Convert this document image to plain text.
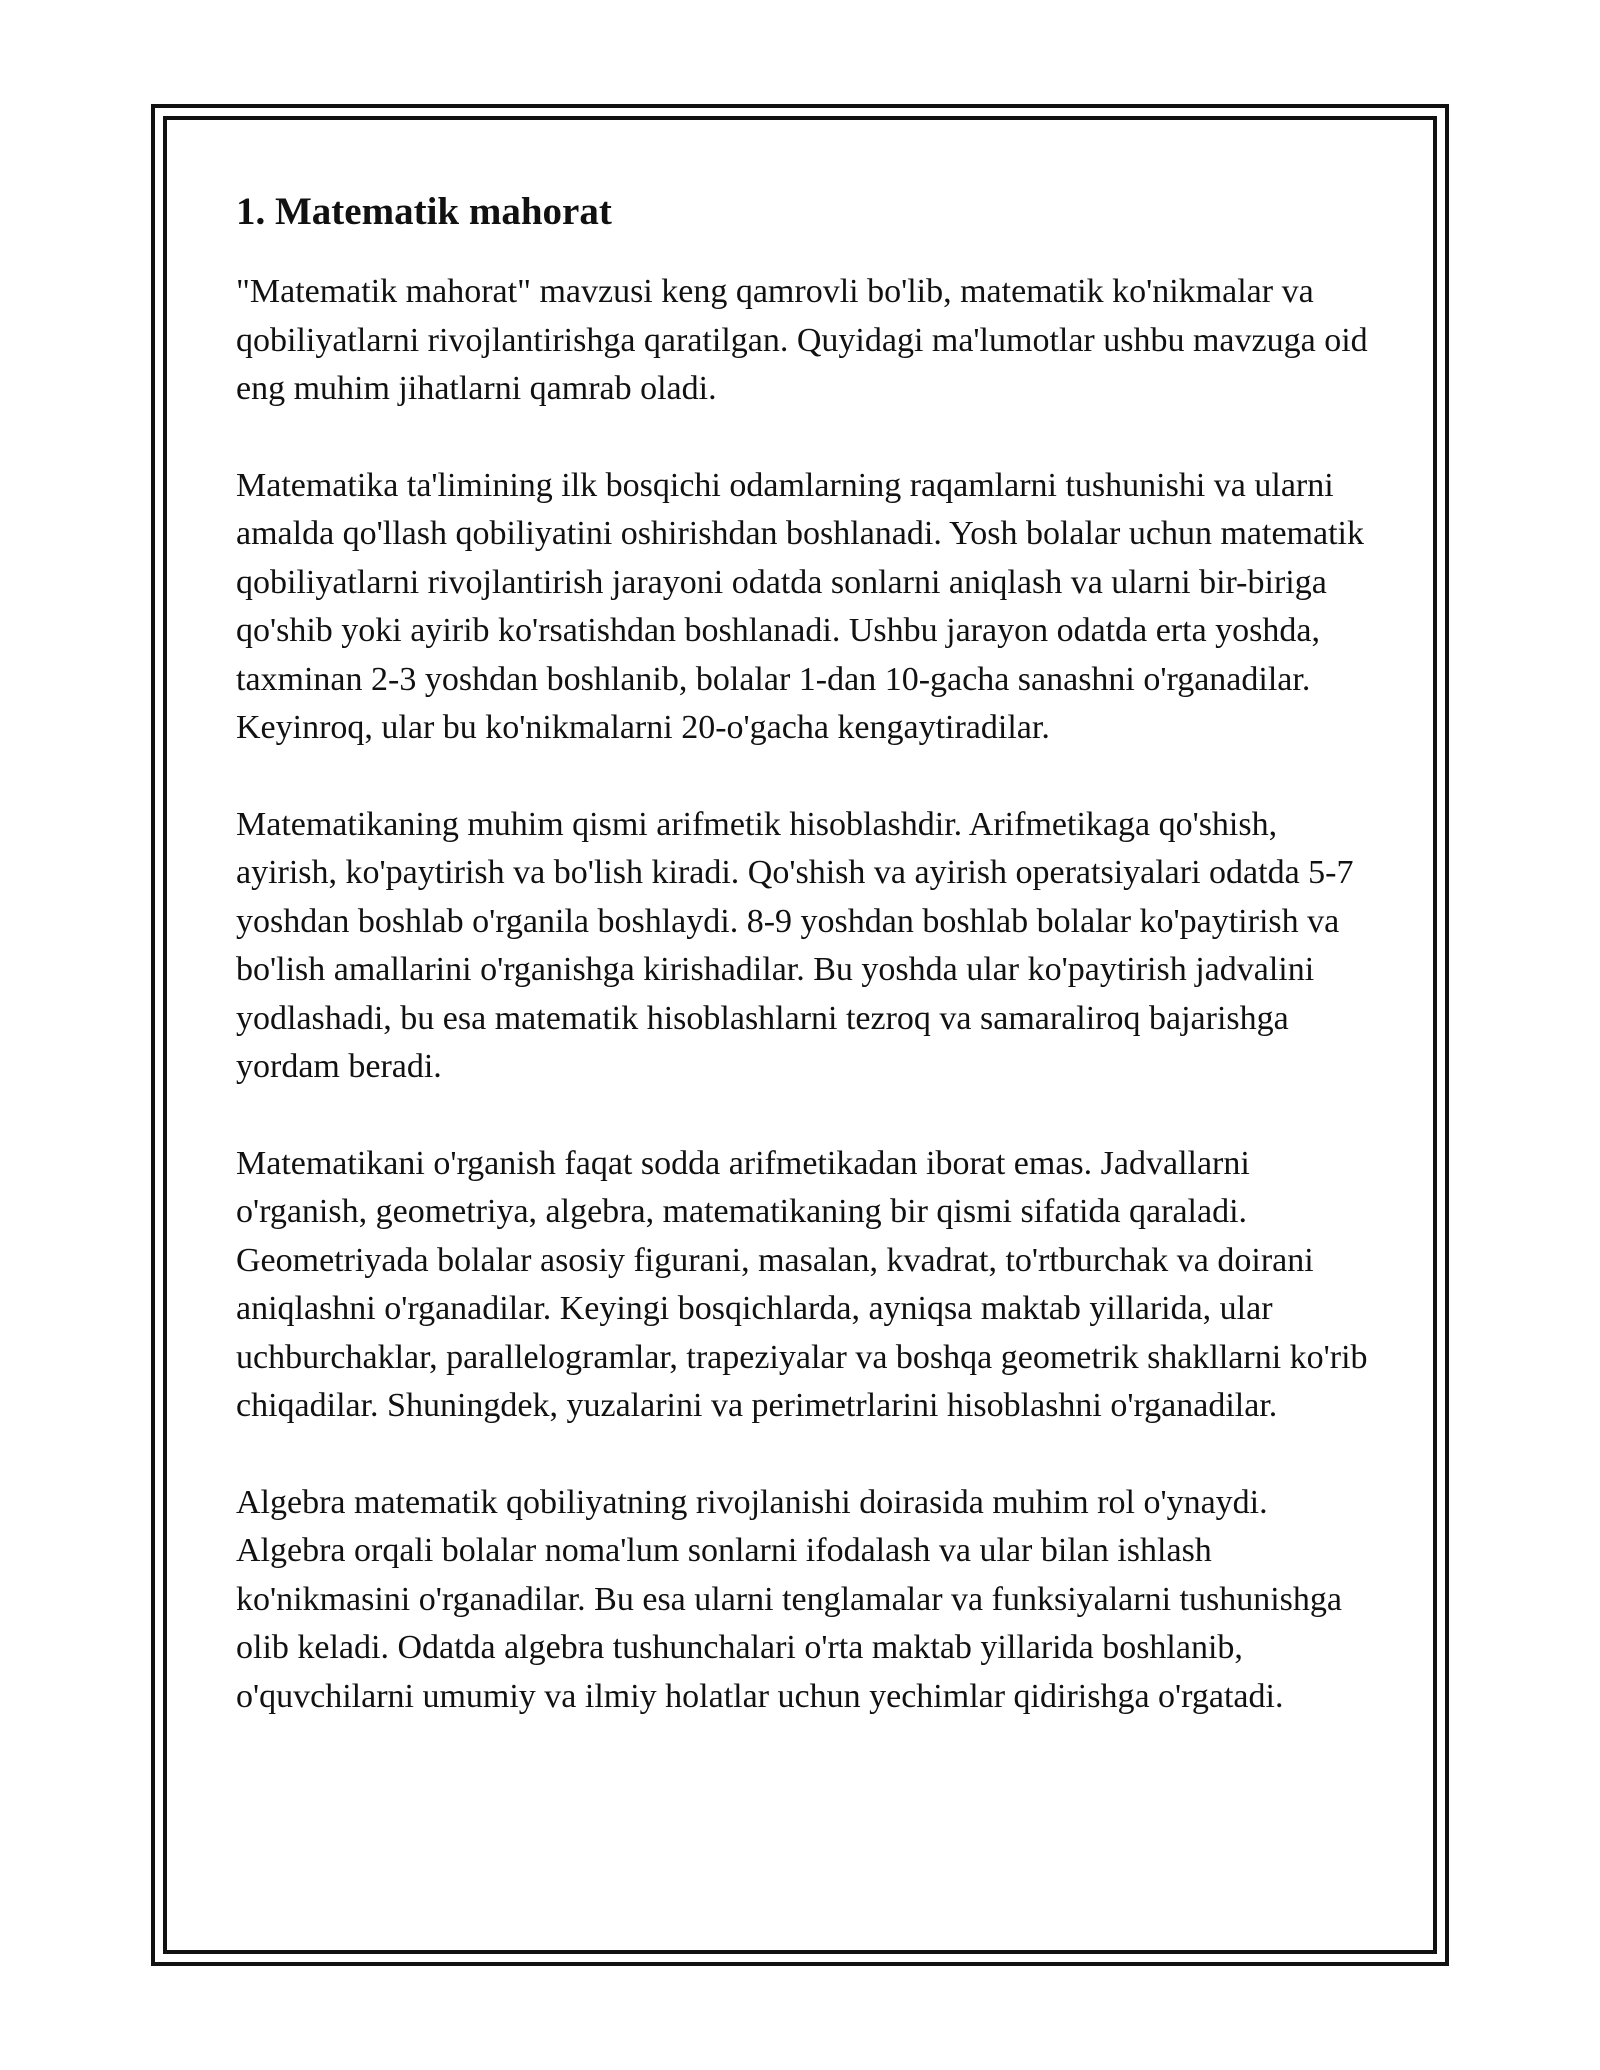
1. Matematik mahorat

"Matematik mahorat" mavzusi keng qamrovli bo'lib, matematik ko'nikmalar va qobiliyatlarni rivojlantirishga qaratilgan. Quyidagi ma'lumotlar ushbu mavzuga oid eng muhim jihatlarni qamrab oladi.

Matematika ta'limining ilk bosqichi odamlarning raqamlarni tushunishi va ularni amalda qo'llash qobiliyatini oshirishdan boshlanadi. Yosh bolalar uchun matematik qobiliyatlarni rivojlantirish jarayoni odatda sonlarni aniqlash va ularni bir-biriga qo'shib yoki ayirib ko'rsatishdan boshlanadi. Ushbu jarayon odatda erta yoshda, taxminan 2-3 yoshdan boshlanib, bolalar 1-dan 10-gacha sanashni o'rganadilar. Keyinroq, ular bu ko'nikmalarni 20-o'gacha kengaytiradilar.

Matematikaning muhim qismi arifmetik hisoblashdir. Arifmetikaga qo'shish, ayirish, ko'paytirish va bo'lish kiradi. Qo'shish va ayirish operatsiyalari odatda 5-7 yoshdan boshlab o'rganila boshlaydi. 8-9 yoshdan boshlab bolalar ko'paytirish va bo'lish amallarini o'rganishga kirishadilar. Bu yoshda ular ko'paytirish jadvalini yodlashadi, bu esa matematik hisoblashlarni tezroq va samaraliroq bajarishga yordam beradi.

Matematikani o'rganish faqat sodda arifmetikadan iborat emas. Jadvallarni o'rganish, geometriya, algebra, matematikaning bir qismi sifatida qaraladi. Geometriyada bolalar asosiy figurani, masalan, kvadrat, to'rtburchak va doirani aniqlashni o'rganadilar. Keyingi bosqichlarda, ayniqsa maktab yillarida, ular uchburchaklar, parallelogramlar, trapeziyalar va boshqa geometrik shakllarni ko'rib chiqadilar. Shuningdek, yuzalarini va perimetrlarini hisoblashni o'rganadilar.

Algebra matematik qobiliyatning rivojlanishi doirasida muhim rol o'ynaydi. Algebra orqali bolalar noma'lum sonlarni ifodalash va ular bilan ishlash ko'nikmasini o'rganadilar. Bu esa ularni tenglamalar va funksiyalarni tushunishga olib keladi. Odatda algebra tushunchalari o'rta maktab yillarida boshlanib, o'quvchilarni umumiy va ilmiy holatlar uchun yechimlar qidirishga o'rgatadi.
